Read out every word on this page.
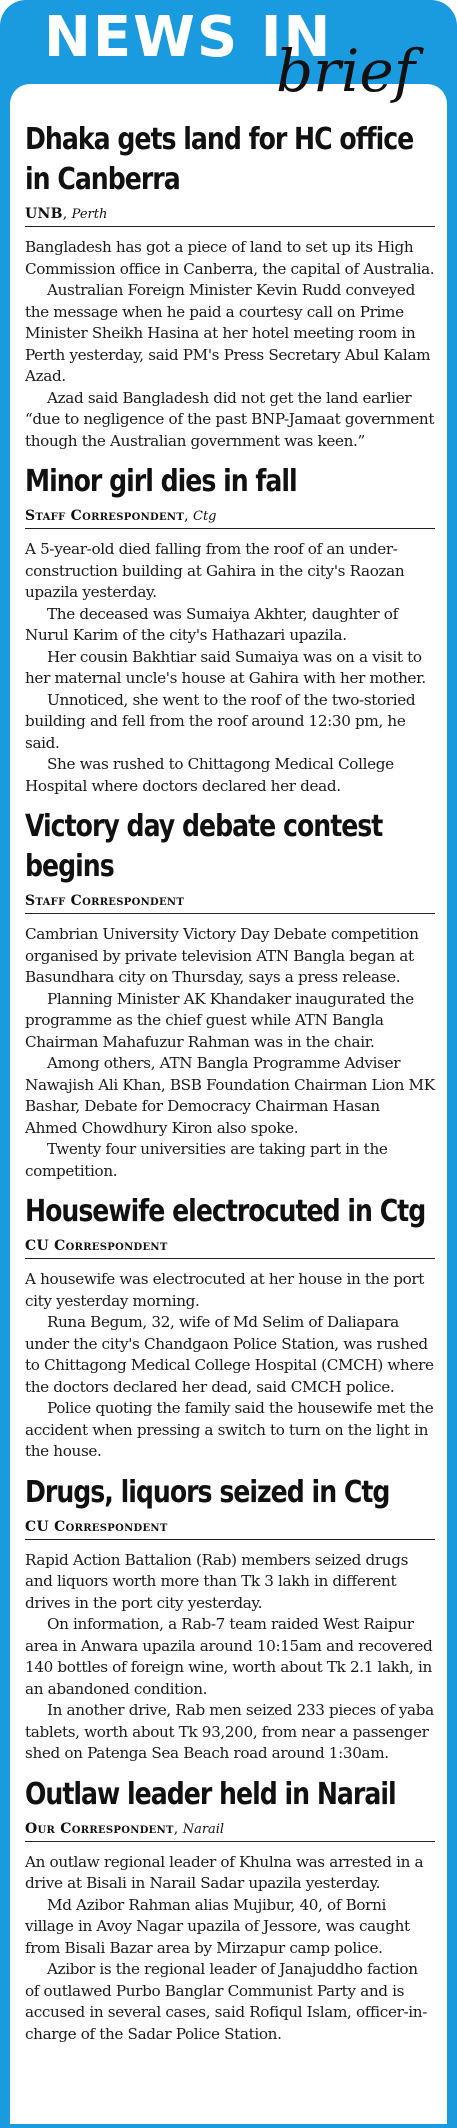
NEWS IN
brief
Dhaka gets land for HC office in Canberra
UNB, Perth

Bangladesh has got a piece of land to set up its High Commission office in Canberra, the capital of Australia.

Australian Foreign Minister Kevin Rudd conveyed the message when he paid a courtesy call on Prime Minister Sheikh Hasina at her hotel meeting room in Perth yesterday, said PM's Press Secretary Abul Kalam Azad.

Azad said Bangladesh did not get the land earlier “due to negligence of the past BNP-Jamaat government though the Australian government was keen.”

Minor girl dies in fall
Staff Correspondent, Ctg

A 5-year-old died falling from the roof of an under-construction building at Gahira in the city's Raozan upazila yesterday.

The deceased was Sumaiya Akhter, daughter of Nurul Karim of the city's Hathazari upazila.

Her cousin Bakhtiar said Sumaiya was on a visit to her maternal uncle's house at Gahira with her mother.

Unnoticed, she went to the roof of the two-storied building and fell from the roof around 12:30 pm, he said.

She was rushed to Chittagong Medical College Hospital where doctors declared her dead.

Victory day debate contest begins
Staff Correspondent

Cambrian University Victory Day Debate competition organised by private television ATN Bangla began at Basundhara city on Thursday, says a press release.

Planning Minister AK Khandaker inaugurated the programme as the chief guest while ATN Bangla Chairman Mahafuzur Rahman was in the chair.

Among others, ATN Bangla Programme Adviser Nawajish Ali Khan, BSB Foundation Chairman Lion MK Bashar, Debate for Democracy Chairman Hasan Ahmed Chowdhury Kiron also spoke.

Twenty four universities are taking part in the competition.

Housewife electrocuted in Ctg
CU Correspondent

A housewife was electrocuted at her house in the port city yesterday morning.

Runa Begum, 32, wife of Md Selim of Daliapara under the city's Chandgaon Police Station, was rushed to Chittagong Medical College Hospital (CMCH) where the doctors declared her dead, said CMCH police.

Police quoting the family said the housewife met the accident when pressing a switch to turn on the light in the house.

Drugs, liquors seized in Ctg
CU Correspondent

Rapid Action Battalion (Rab) members seized drugs and liquors worth more than Tk 3 lakh in different drives in the port city yesterday.

On information, a Rab-7 team raided West Raipur area in Anwara upazila around 10:15am and recovered 140 bottles of foreign wine, worth about Tk 2.1 lakh, in an abandoned condition.

In another drive, Rab men seized 233 pieces of yaba tablets, worth about Tk 93,200, from near a passenger shed on Patenga Sea Beach road around 1:30am.

Outlaw leader held in Narail
Our Correspondent, Narail

An outlaw regional leader of Khulna was arrested in a drive at Bisali in Narail Sadar upazila yesterday.

Md Azibor Rahman alias Mujibur, 40, of Borni village in Avoy Nagar upazila of Jessore, was caught from Bisali Bazar area by Mirzapur camp police.

Azibor is the regional leader of Janajuddho faction of outlawed Purbo Banglar Communist Party and is accused in several cases, said Rofiqul Islam, officer-in-charge of the Sadar Police Station.
